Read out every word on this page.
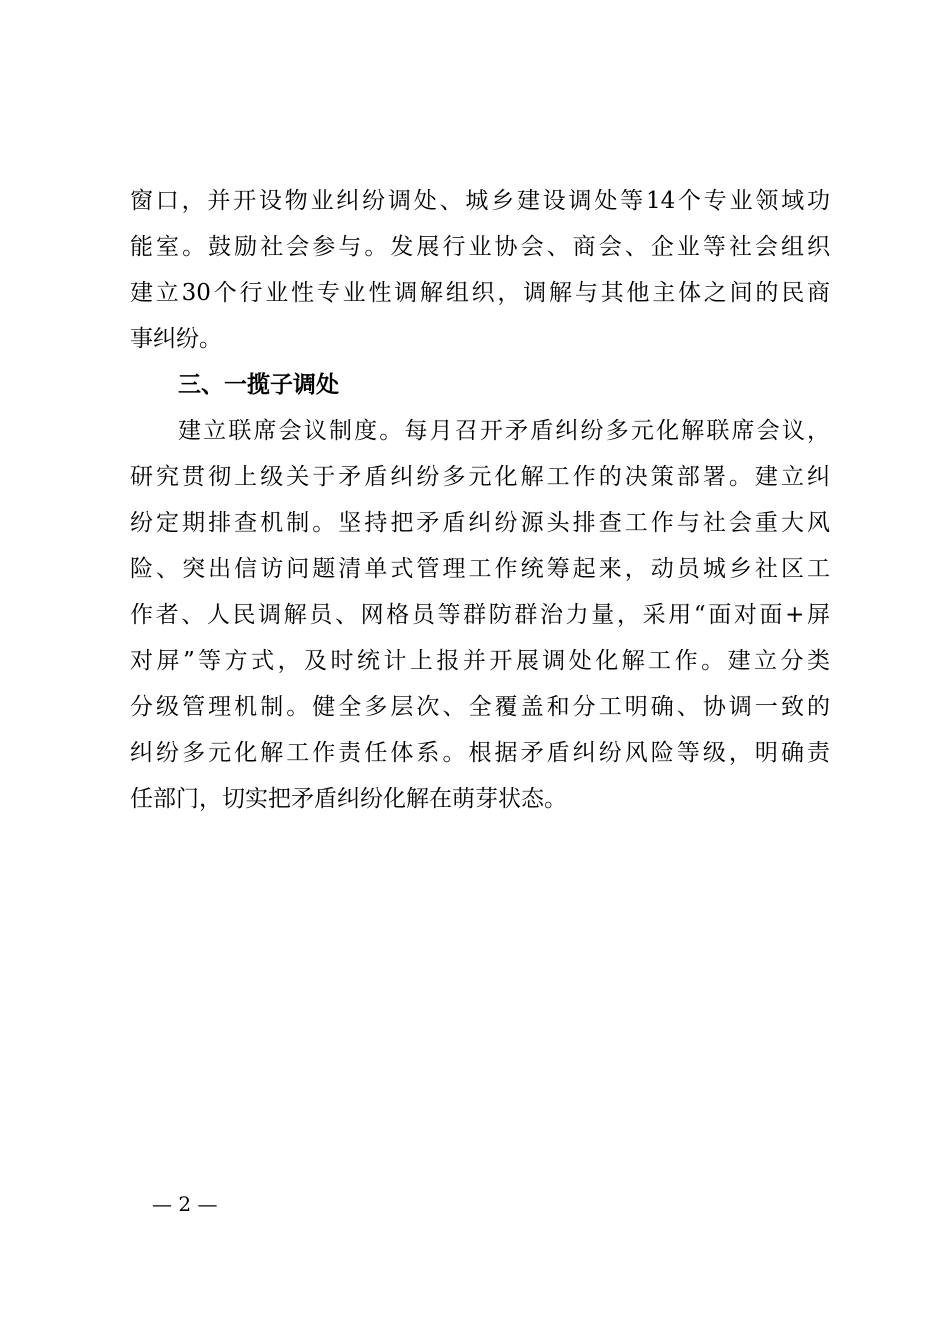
窗口，并开设物业纠纷调处、城乡建设调处等14个专业领域功
能室。鼓励社会参与。发展行业协会、商会、企业等社会组织
建立30个行业性专业性调解组织，调解与其他主体之间的民商
事纠纷。
三、一揽子调处
建立联席会议制度。每月召开矛盾纠纷多元化解联席会议，
研究贯彻上级关于矛盾纠纷多元化解工作的决策部署。建立纠
纷定期排查机制。坚持把矛盾纠纷源头排查工作与社会重大风
险、突出信访问题清单式管理工作统筹起来，动员城乡社区工
作者、人民调解员、网格员等群防群治力量，采用“面对面+屏
对屏”等方式，及时统计上报并开展调处化解工作。建立分类
分级管理机制。健全多层次、全覆盖和分工明确、协调一致的
纠纷多元化解工作责任体系。根据矛盾纠纷风险等级，明确责
任部门，切实把矛盾纠纷化解在萌芽状态。
— 2 —
